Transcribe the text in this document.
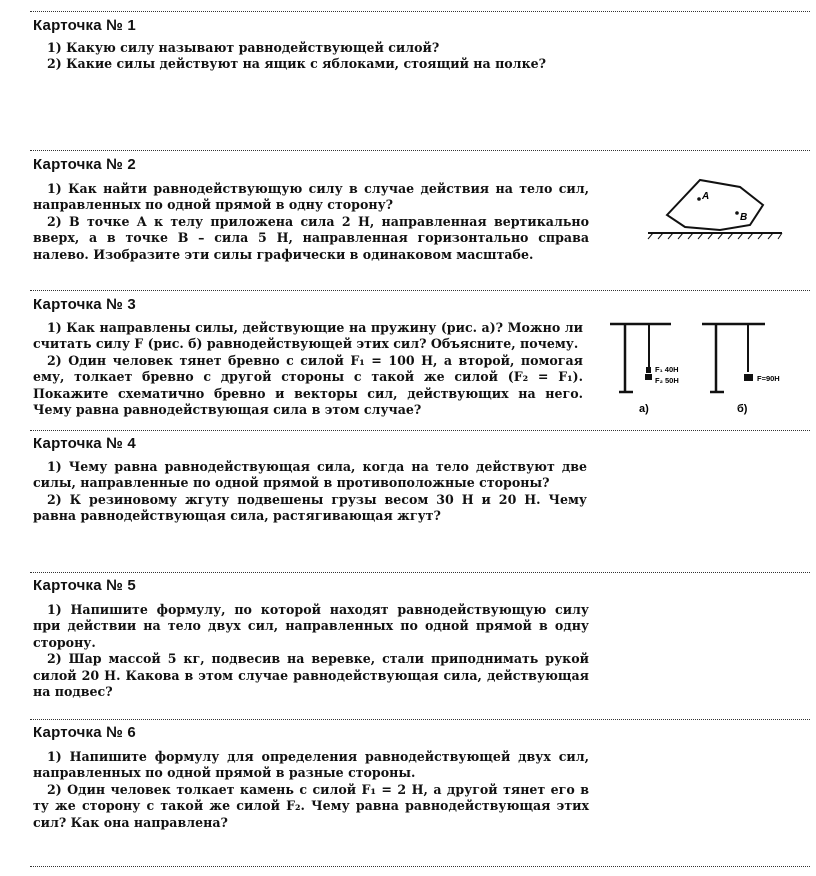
Карточка № 1

1) Какую силу называют равнодействующей силой?

2) Какие силы действуют на ящик с яблоками, стоящий на полке?

Карточка № 2

1) Как найти равнодействующую силу в случае действия на тело сил, направленных по одной прямой в одну сторону?

2) В точке A к телу приложена сила 2 Н, направленная вертикально вверх, а в точке B – сила 5 Н, направленная горизонтально справа налево. Изобразите эти силы графически в одинаковом масштабе.

A
B
Карточка № 3

1) Как направлены силы, действующие на пружину (рис. а)? Можно ли считать силу F (рис. б) равнодействующей этих сил? Объясните, почему.

2) Один человек тянет бревно с силой F₁ = 100 Н, а второй, помогая ему, толкает бревно с другой стороны с такой же силой (F₂ = F₁). Покажите схематично бревно и векторы сил, действующих на него. Чему равна равнодействующая сила в этом случае?

F₁ 40Н
F₂ 50Н
а)
F=90Н
б)
Карточка № 4

1) Чему равна равнодействующая сила, когда на тело действуют две силы, направленные по одной прямой в противоположные стороны?

2) К резиновому жгуту подвешены грузы весом 30 Н и 20 Н. Чему равна равнодействующая сила, растягивающая жгут?

Карточка № 5

1) Напишите формулу, по которой находят равнодействующую силу при действии на тело двух сил, направленных по одной прямой в одну сторону.

2) Шар массой 5 кг, подвесив на веревке, стали приподнимать рукой силой 20 Н. Какова в этом случае равнодействующая сила, действующая на подвес?

Карточка № 6

1) Напишите формулу для определения равнодействующей двух сил, направленных по одной прямой в разные стороны.

2) Один человек толкает камень с силой F₁ = 2 Н, а другой тянет его в ту же сторону с такой же силой F₂. Чему равна равнодействующая этих сил? Как она направлена?
